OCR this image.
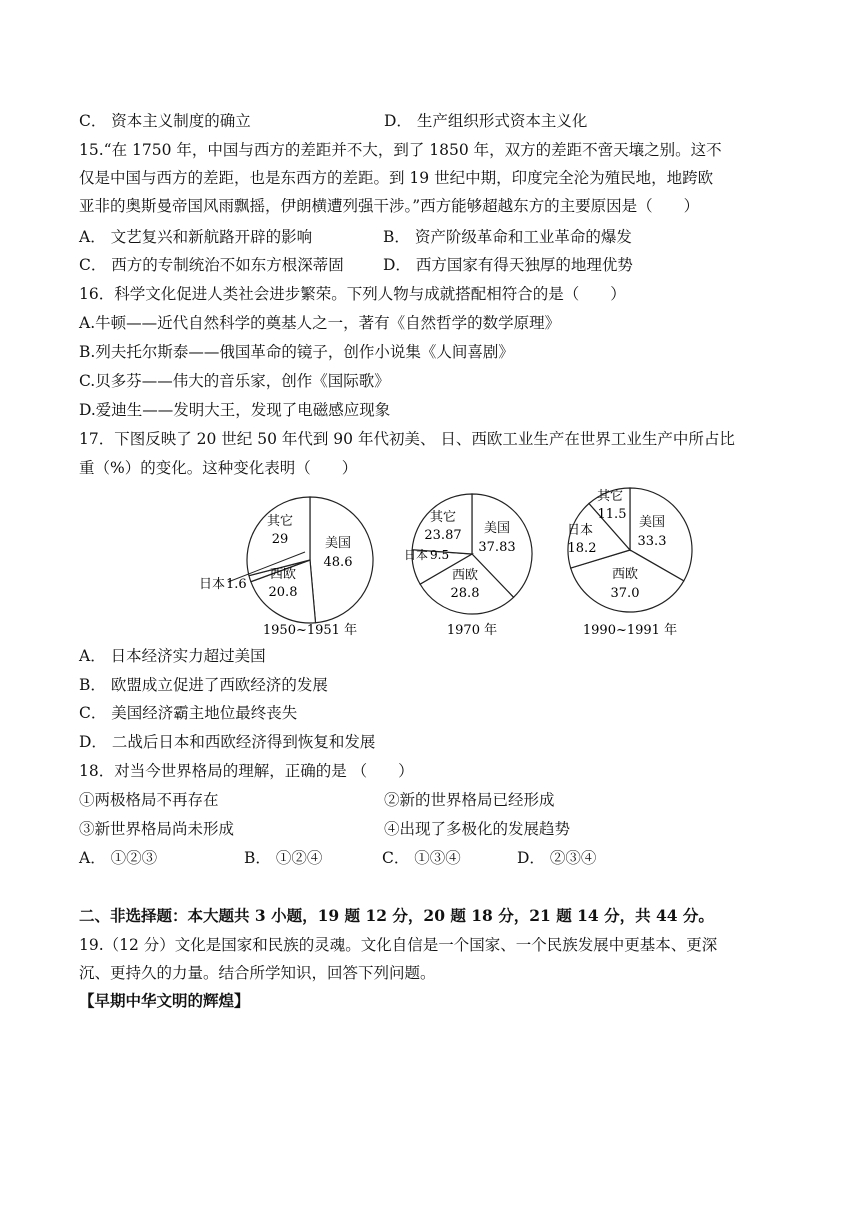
C． 资本主义制度的确立	D． 生产组织形式资本主义化
15.“在 1750 年，中国与西方的差距并不大，到了 1850 年，双方的差距不啻天壤之别。这不
仅是中国与西方的差距，也是东西方的差距。到 19 世纪中期，印度完全沦为殖民地，地跨欧
亚非的奥斯曼帝国风雨飘摇，伊朗横遭列强干涉。”西方能够超越东方的主要原因是（　　）
A． 文艺复兴和新航路开辟的影响	B． 资产阶级革命和工业革命的爆发
C． 西方的专制统治不如东方根深蒂固	D． 西方国家有得天独厚的地理优势
16．科学文化促进人类社会进步繁荣。下列人物与成就搭配相符合的是（　　）
A.牛顿——近代自然科学的奠基人之一，著有《自然哲学的数学原理》
B.列夫托尔斯泰——俄国革命的镜子，创作小说集《人间喜剧》
C.贝多芬——伟大的音乐家，创作《国际歌》
D.爱迪生——发明大王，发现了电磁感应现象
17．下图反映了 20 世纪 50 年代到 90 年代初美、 日、西欧工业生产在世界工业生产中所占比
重（%）的变化。这种变化表明（　　）
其它
29	美国
48.6
西欧
20.8
日本 1.6
1950~1951 年
其它
23.87 美国
37.83
日本 9.5
西欧
28.8
1970 年
其它
11.5
美国
33.3
日本
18.2
西欧
37.0
1990~1991 年
A． 日本经济实力超过美国
B． 欧盟成立促进了西欧经济的发展
C． 美国经济霸主地位最终丧失
D． 二战后日本和西欧经济得到恢复和发展
18．对当今世界格局的理解，正确的是 （　　）
①两极格局不再存在	②新的世界格局已经形成
③新世界格局尚未形成	④出现了多极化的发展趋势
A． ①②③	B． ①②④	C． ①③④	D． ②③④
二、非选择题：本大题共 3 小题，19 题 12 分，20 题 18 分，21 题 14 分，共 44 分。
19.（12 分）文化是国家和民族的灵魂。文化自信是一个国家、一个民族发展中更基本、更深
沉、更持久的力量。结合所学知识，回答下列问题。
【早期中华文明的辉煌】
